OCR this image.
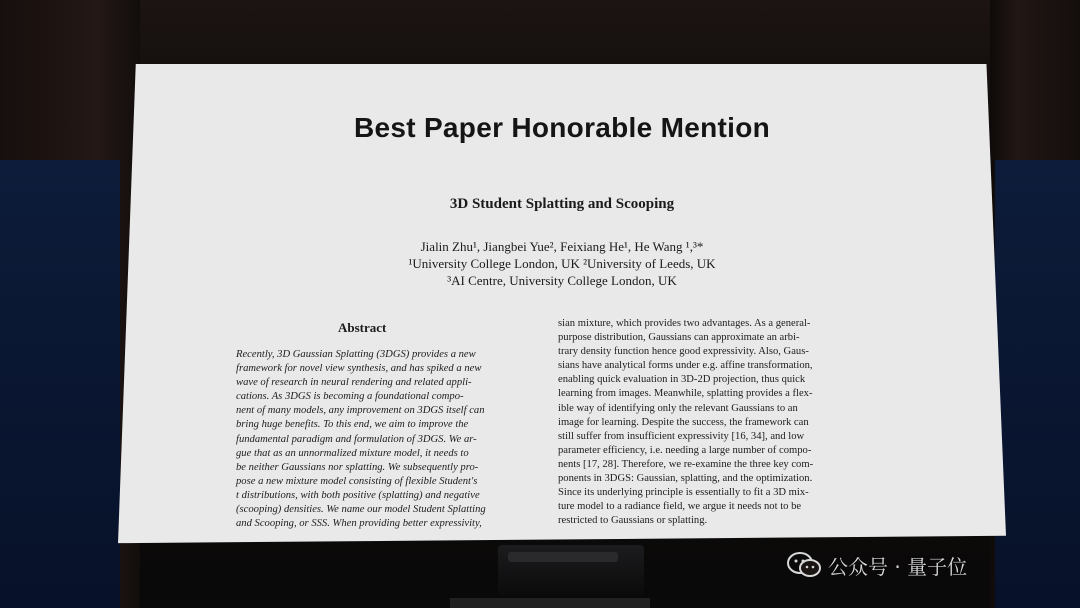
Best Paper Honorable Mention
3D Student Splatting and Scooping
Jialin Zhu¹, Jiangbei Yue², Feixiang He¹, He Wang ¹,³*
¹University College London, UK ²University of Leeds, UK
³AI Centre, University College London, UK
Abstract
Recently, 3D Gaussian Splatting (3DGS) provides a new
framework for novel view synthesis, and has spiked a new
wave of research in neural rendering and related appli-
cations. As 3DGS is becoming a foundational compo-
nent of many models, any improvement on 3DGS itself can
bring huge benefits. To this end, we aim to improve the
fundamental paradigm and formulation of 3DGS. We ar-
gue that as an unnormalized mixture model, it needs to
be neither Gaussians nor splatting. We subsequently pro-
pose a new mixture model consisting of flexible Student's
t distributions, with both positive (splatting) and negative
(scooping) densities. We name our model Student Splatting
and Scooping, or SSS. When providing better expressivity,
sian mixture, which provides two advantages. As a general-
purpose distribution, Gaussians can approximate an arbi-
trary density function hence good expressivity. Also, Gaus-
sians have analytical forms under e.g. affine transformation,
enabling quick evaluation in 3D-2D projection, thus quick
learning from images. Meanwhile, splatting provides a flex-
ible way of identifying only the relevant Gaussians to an
image for learning. Despite the success, the framework can
still suffer from insufficient expressivity [16, 34], and low
parameter efficiency, i.e. needing a large number of compo-
nents [17, 28]. Therefore, we re-examine the three key com-
ponents in 3DGS: Gaussian, splatting, and the optimization.
Since its underlying principle is essentially to fit a 3D mix-
ture model to a radiance field, we argue it needs not to be
restricted to Gaussians or splatting.
公众号 · 量子位
